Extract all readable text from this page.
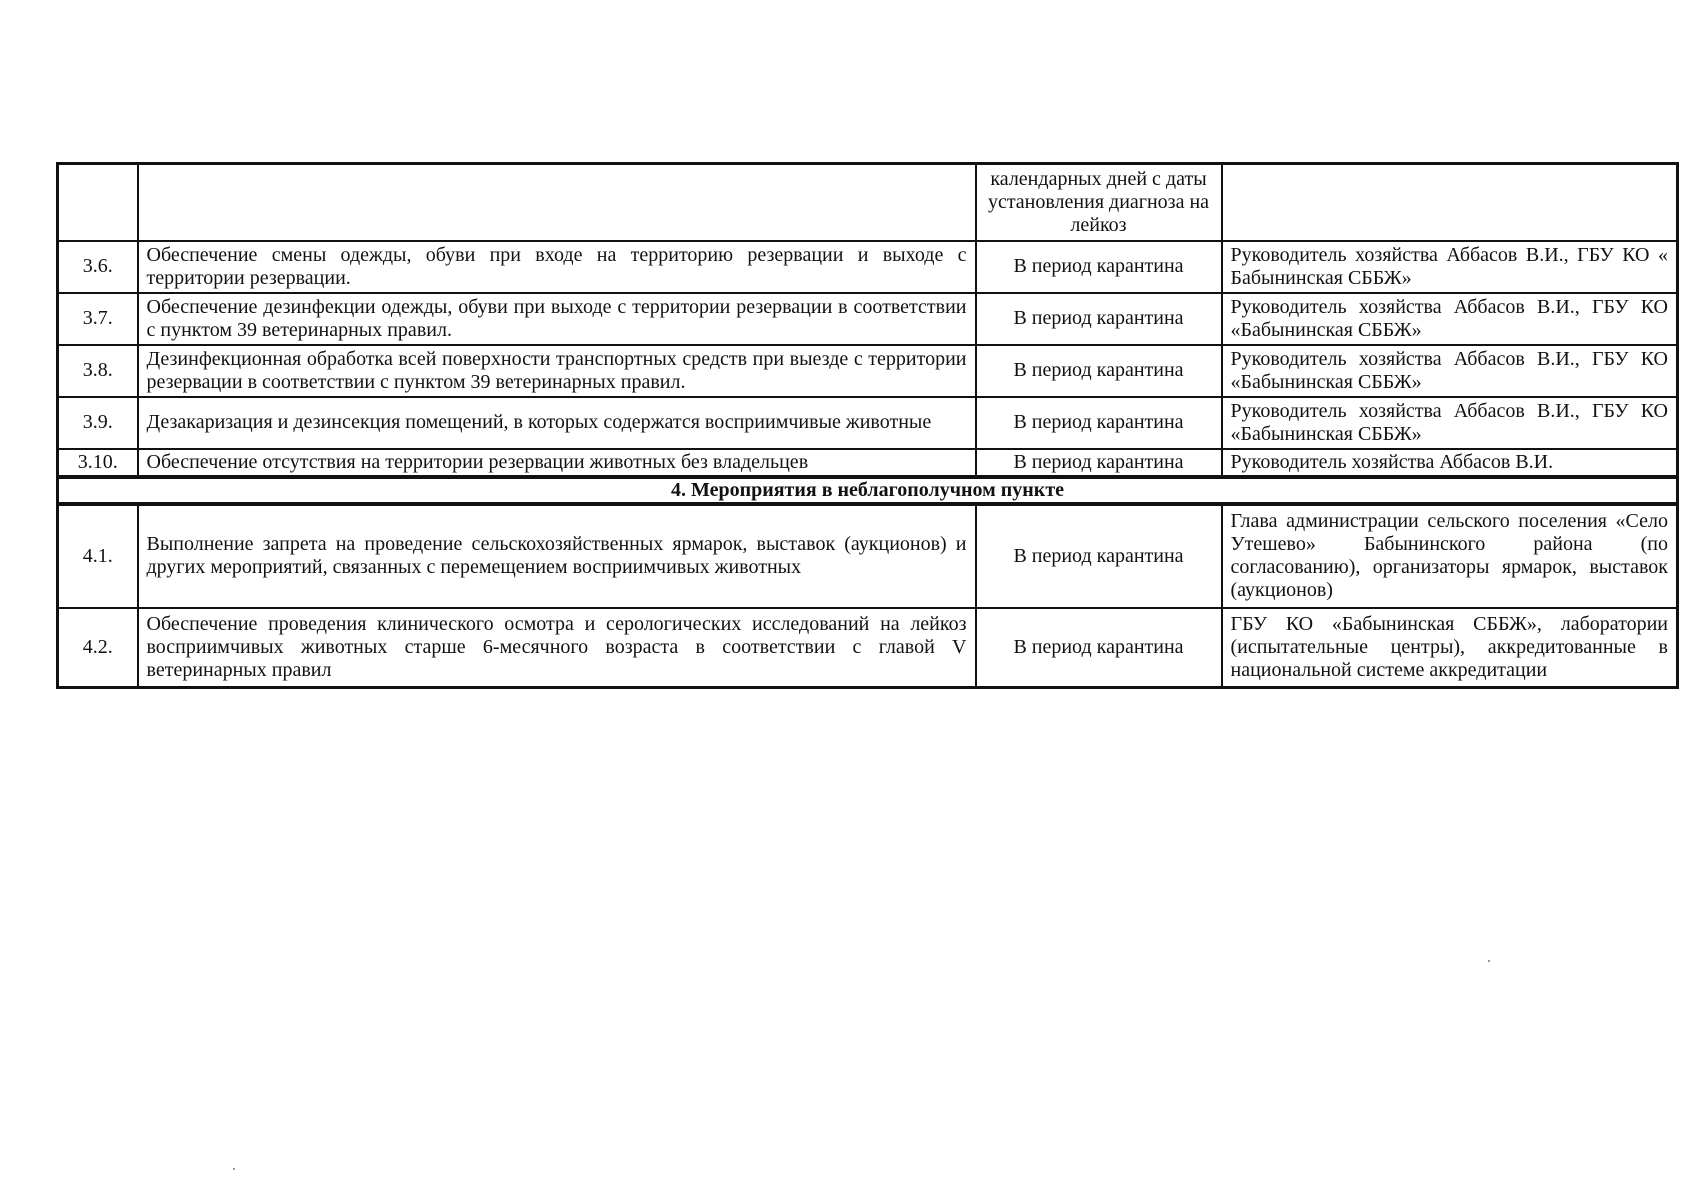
		календарных дней с даты установления диагноза на лейкоз	
3.6.	Обеспечение смены одежды, обуви при входе на территорию резервации и выходе с территории резервации.	В период карантина	Руководитель хозяйства Аббасов В.И., ГБУ КО « Бабынинская СББЖ»
3.7.	Обеспечение дезинфекции одежды, обуви при выходе с территории резервации в соответствии с пунктом 39 ветеринарных правил.	В период карантина	Руководитель хозяйства Аббасов В.И., ГБУ КО «Бабынинская СББЖ»
3.8.	Дезинфекционная обработка всей поверхности транспортных средств при выезде с территории резервации в соответствии с пунктом 39 ветеринарных правил.	В период карантина	Руководитель хозяйства Аббасов В.И., ГБУ КО «Бабынинская СББЖ»
3.9.	Дезакаризация и дезинсекция помещений, в которых содержатся восприимчивые животные	В период карантина	Руководитель хозяйства Аббасов В.И., ГБУ КО «Бабынинская СББЖ»
3.10.	Обеспечение отсутствия на территории резервации животных без владельцев	В период карантина	Руководитель хозяйства Аббасов В.И.
4. Мероприятия в неблагополучном пункте			
4.1.	Выполнение запрета на проведение сельскохозяйственных ярмарок, выставок (аукционов) и других мероприятий, связанных с перемещением восприимчивых животных	В период карантина	Глава администрации сельского поселения «Село Утешево» Бабынинского района (по согласованию), организаторы ярмарок, выставок (аукционов)
4.2.	Обеспечение проведения клинического осмотра и серологических исследований на лейкоз восприимчивых животных старше 6-месячного возраста в соответствии с главой V ветеринарных правил	В период карантина	ГБУ КО «Бабынинская СББЖ», лаборатории (испытательные центры), аккредитованные в национальной системе аккредитации
